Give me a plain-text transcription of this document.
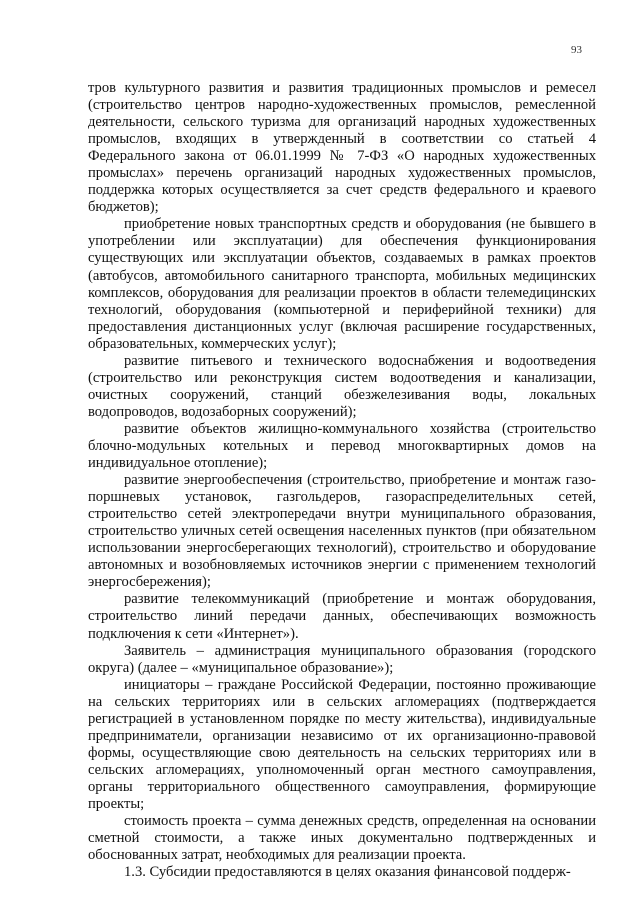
93

тров культурного развития и развития традиционных промыслов и ремесел (строительство центров народно-художественных промыслов, ремесленной деятельности, сельского туризма для организаций народных художественных промыслов, входящих в утвержденный в соответствии со статьей 4 Федерального закона от 06.01.1999 № 7-ФЗ «О народных художественных промыслах» перечень организаций народных художественных промыслов, поддержка которых осуществляется за счет средств федерального и краевого бюджетов);

приобретение новых транспортных средств и оборудования (не бывшего в употреблении или эксплуатации) для обеспечения функционирования существующих или эксплуатации объектов, создаваемых в рамках проектов (автобусов, автомобильного санитарного транспорта, мобильных медицинских комплексов, оборудования для реализации проектов в области телемедицинских технологий, оборудования (компьютерной и периферийной техники) для предоставления дистанционных услуг (включая расширение государственных, образовательных, коммерческих услуг);

развитие питьевого и технического водоснабжения и водоотведения (строительство или реконструкция систем водоотведения и канализации, очистных сооружений, станций обезжелезивания воды, локальных водопроводов, водозаборных сооружений);

развитие объектов жилищно-коммунального хозяйства (строительство блочно-модульных котельных и перевод многоквартирных домов на индивидуальное отопление);

развитие энергообеспечения (строительство, приобретение и монтаж газо-поршневых установок, газгольдеров, газораспределительных сетей, строительство сетей электропередачи внутри муниципального образования, строительство уличных сетей освещения населенных пунктов (при обязательном использовании энергосберегающих технологий), строительство и оборудование автономных и возобновляемых источников энергии с применением технологий энергосбережения);

развитие телекоммуникаций (приобретение и монтаж оборудования, строительство линий передачи данных, обеспечивающих возможность подключения к сети «Интернет»).

Заявитель – администрация муниципального образования (городского округа) (далее – «муниципальное образование»);

инициаторы – граждане Российской Федерации, постоянно проживающие на сельских территориях или в сельских агломерациях (подтверждается регистрацией в установленном порядке по месту жительства), индивидуальные предприниматели, организации независимо от их организационно-правовой формы, осуществляющие свою деятельность на сельских территориях или в сельских агломерациях, уполномоченный орган местного самоуправления, органы территориального общественного самоуправления, формирующие проекты;

стоимость проекта – сумма денежных средств, определенная на основании сметной стоимости, а также иных документально подтвержденных и обоснованных затрат, необходимых для реализации проекта.

1.3. Субсидии предоставляются в целях оказания финансовой поддерж-
